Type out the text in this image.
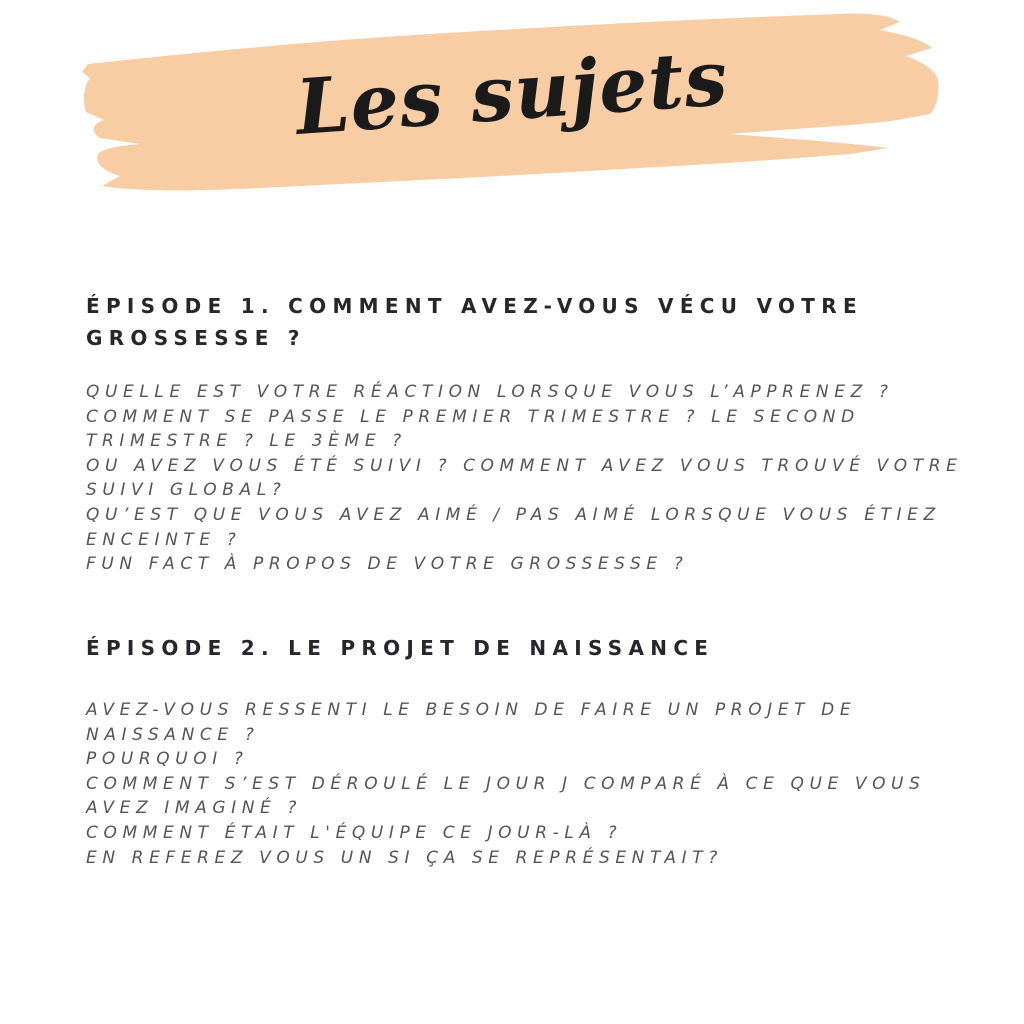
Les sujets
ÉPISODE 1. COMMENT AVEZ-VOUS VÉCU VOTRE GROSSESSE ?
QUELLE EST VOTRE RÉACTION LORSQUE VOUS L’APPRENEZ ?
COMMENT SE PASSE LE PREMIER TRIMESTRE ? LE SECOND TRIMESTRE ? LE 3ÈME ?
OU AVEZ VOUS ÉTÉ SUIVI ? COMMENT AVEZ VOUS TROUVÉ VOTRE SUIVI GLOBAL?
QU’EST QUE VOUS AVEZ AIMÉ / PAS AIMÉ LORSQUE VOUS ÉTIEZ ENCEINTE ?
FUN FACT À PROPOS DE VOTRE GROSSESSE ?
ÉPISODE 2. LE PROJET DE NAISSANCE
AVEZ-VOUS RESSENTI LE BESOIN DE FAIRE UN PROJET DE NAISSANCE ?
POURQUOI ?
COMMENT S’EST DÉROULÉ LE JOUR J COMPARÉ À CE QUE VOUS AVEZ IMAGINÉ ?
COMMENT ÉTAIT L'ÉQUIPE CE JOUR-LÀ ?
EN REFEREZ VOUS UN SI ÇA SE REPRÉSENTAIT?
